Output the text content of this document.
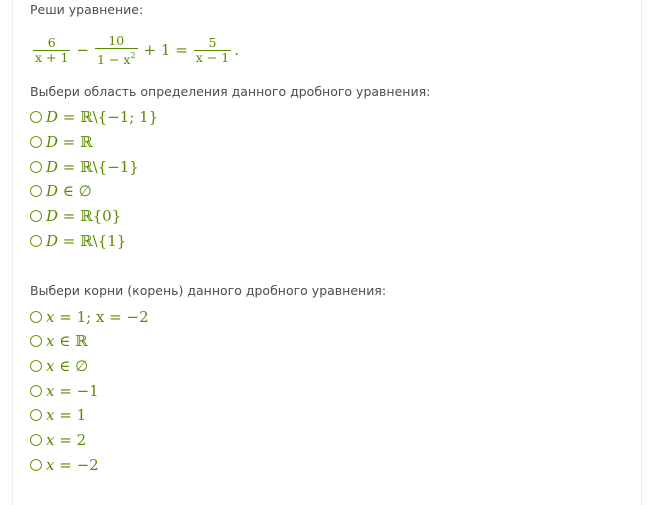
Реши уравнение:
$\frac{6}{x + 1} - \frac{10}{1 - x^2} + 1 = \frac{5}{x - 1}$ .
Выбери область определения данного дробного уравнения:
D = ℝ\{−1; 1}
D = ℝ
D = ℝ\{−1}
D ∈ ∅
D = ℝ{0}
D = ℝ\{1}
Выбери корни (корень) данного дробного уравнения:
x = 1; x = −2
x ∈ ℝ
x ∈ ∅
x = −1
x = 1
x = 2
x = −2
